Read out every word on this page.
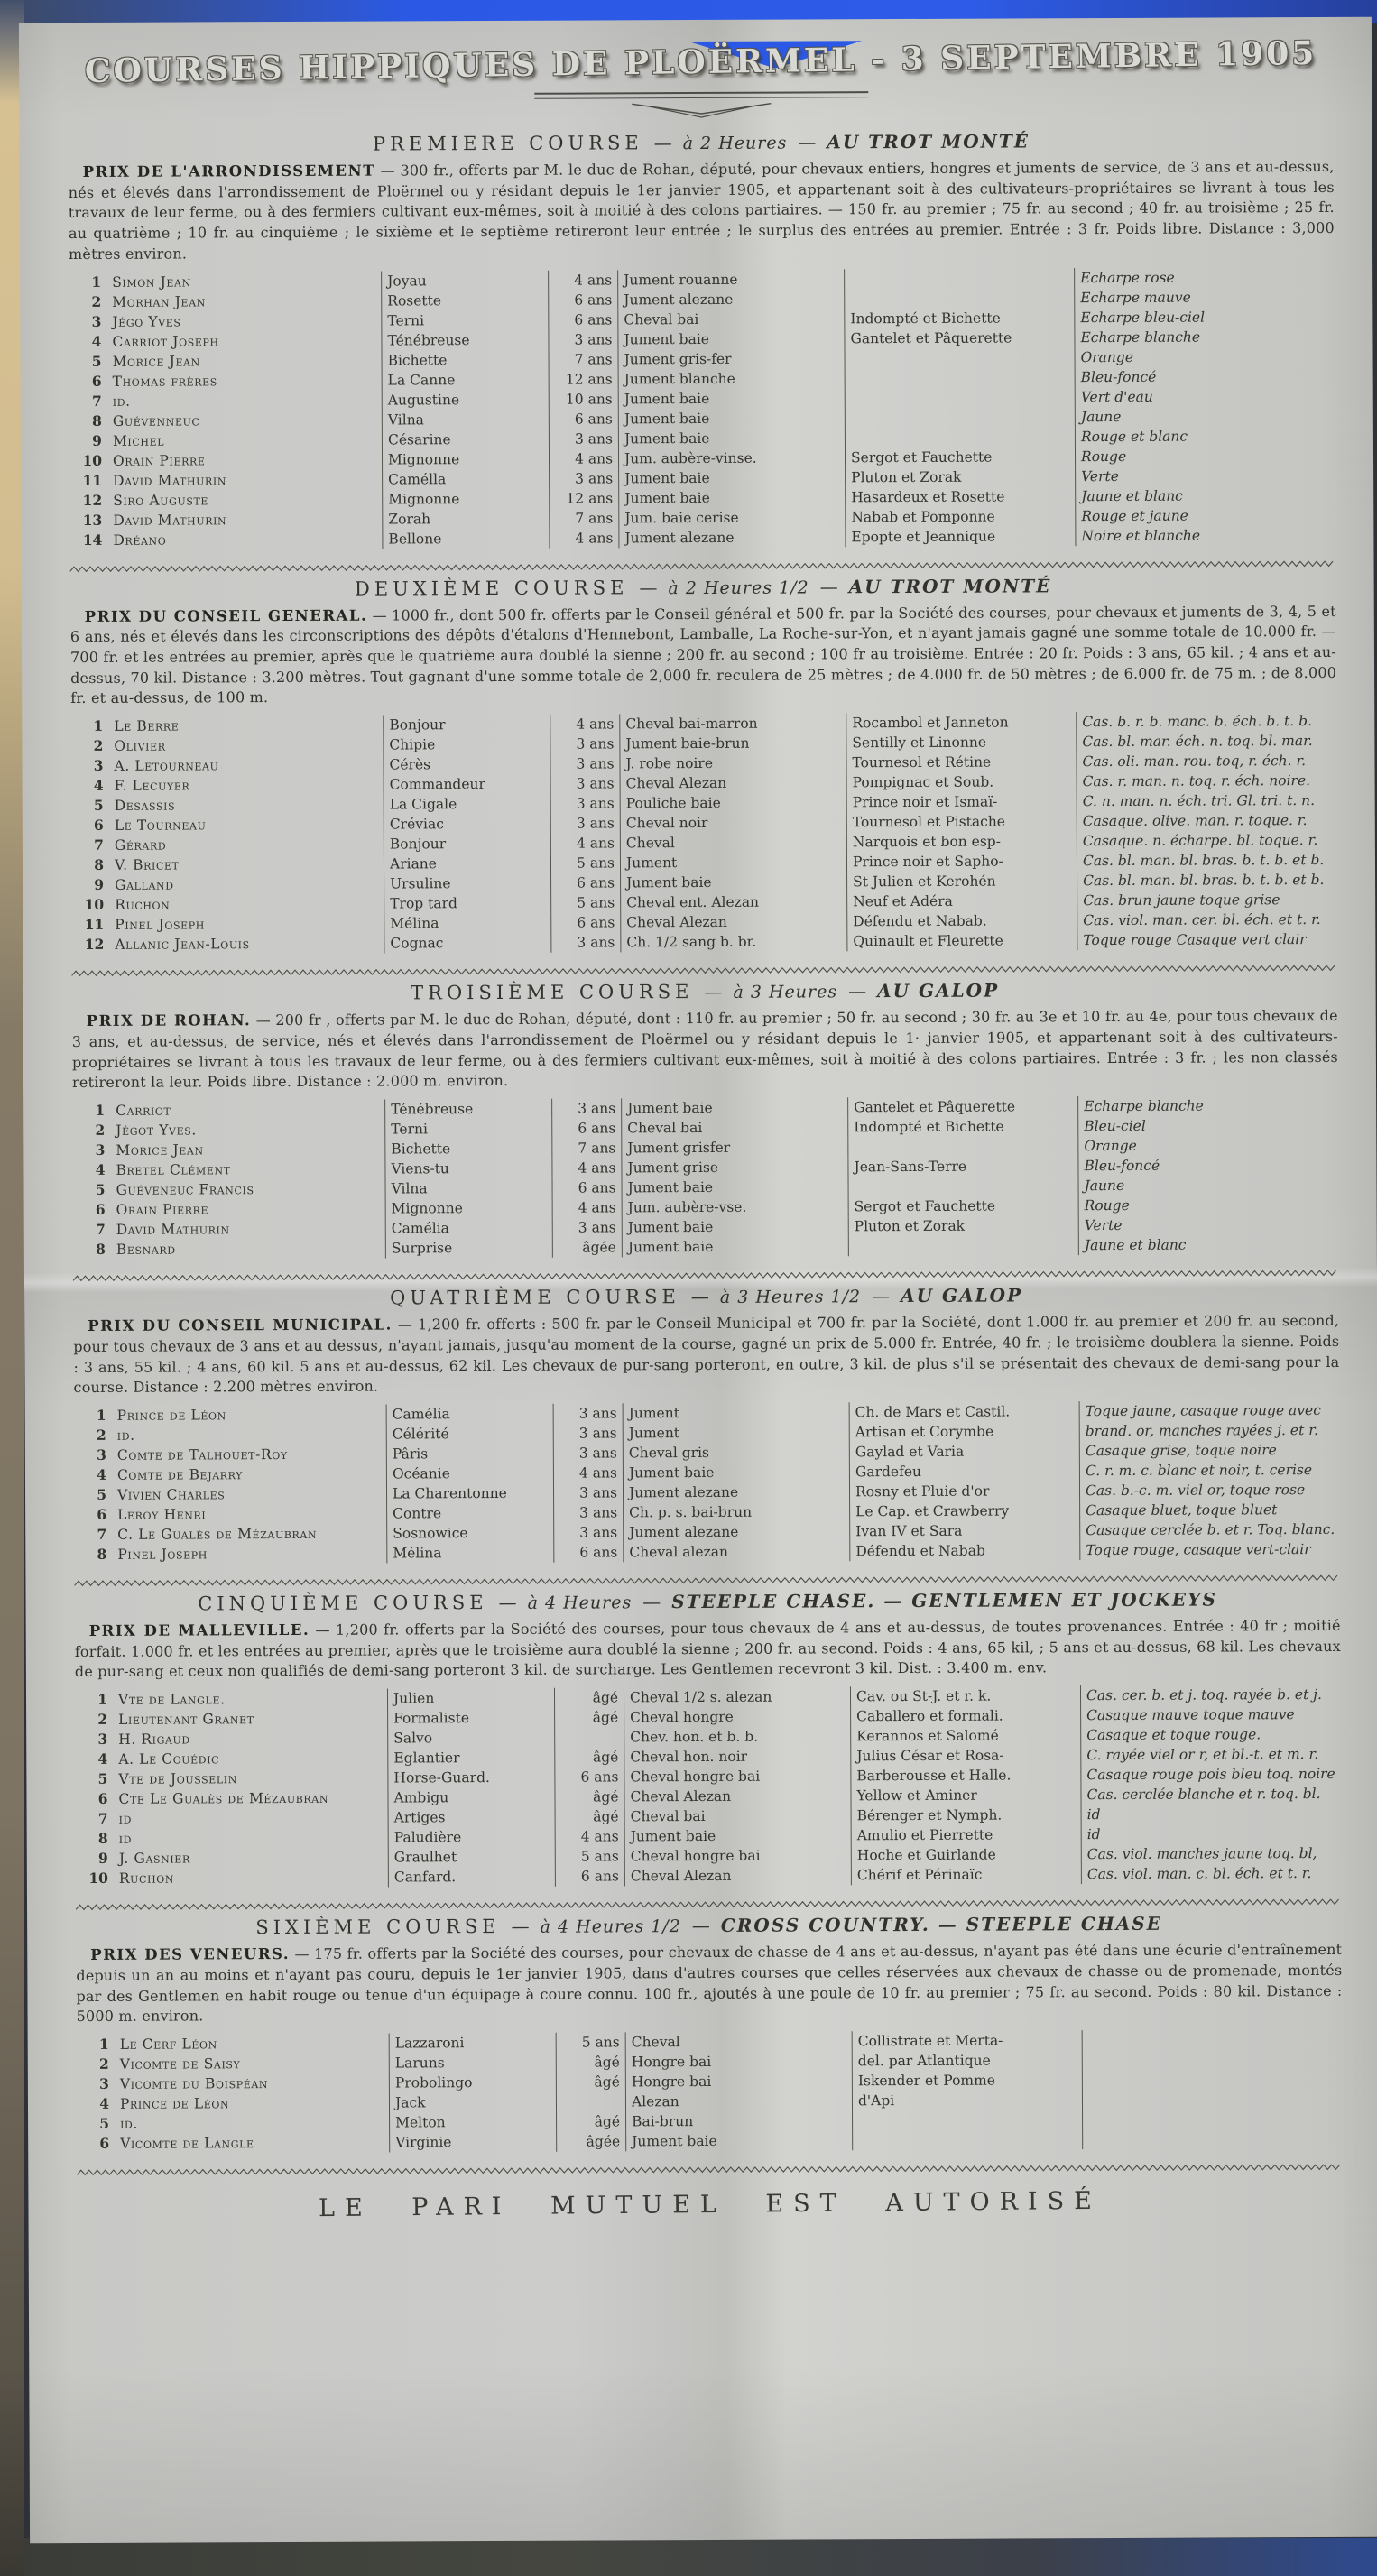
COURSES HIPPIQUES DE PLOËRMEL - 3 SEPTEMBRE 1905
PREMIERE COURSE — à 2 Heures — AU TROT MONTÉ

PRIX DE L'ARRONDISSEMENT — 300 fr., offerts par M. le duc de Rohan, député, pour chevaux entiers, hongres et juments de service, de 3 ans et au-dessus, nés et élevés dans l'arrondissement de Ploërmel ou y résidant depuis le 1er janvier 1905, et appartenant soit à des cultivateurs-propriétaires se livrant à tous les travaux de leur ferme, ou à des fermiers cultivant eux-mêmes, soit à moitié à des colons partiaires. — 150 fr. au premier ; 75 fr. au second ; 40 fr. au troisième ; 25 fr. au quatrième ; 10 fr. au cinquième ; le sixième et le septième retireront leur entrée ; le surplus des entrées au premier. Entrée : 3 fr. Poids libre. Distance : 3,000 mètres environ.

1	Simon Jean	Joyau	4 ans	Jument rouanne		Echarpe rose
2	Morhan Jean	Rosette	6 ans	Jument alezane		Echarpe mauve
3	Jégo Yves	Terni	6 ans	Cheval bai	Indompté et Bichette	Echarpe bleu-ciel
4	Carriot Joseph	Ténébreuse	3 ans	Jument baie	Gantelet et Pâquerette	Echarpe blanche
5	Morice Jean	Bichette	7 ans	Jument gris-fer		Orange
6	Thomas frères	La Canne	12 ans	Jument blanche		Bleu-foncé
7	id.	Augustine	10 ans	Jument baie		Vert d'eau
8	Guévenneuc	Vilna	6 ans	Jument baie		Jaune
9	Michel	Césarine	3 ans	Jument baie		Rouge et blanc
10	Orain Pierre	Mignonne	4 ans	Jum. aubère-vinse.	Sergot et Fauchette	Rouge
11	David Mathurin	Camélla	3 ans	Jument baie	Pluton et Zorak	Verte
12	Siro Auguste	Mignonne	12 ans	Jument baie	Hasardeux et Rosette	Jaune et blanc
13	David Mathurin	Zorah	7 ans	Jum. baie cerise	Nabab et Pomponne	Rouge et jaune
14	Dréano	Bellone	4 ans	Jument alezane	Epopte et Jeannique	Noire et blanche
DEUXIÈME COURSE — à 2 Heures 1/2 — AU TROT MONTÉ

PRIX DU CONSEIL GENERAL. — 1000 fr., dont 500 fr. offerts par le Conseil général et 500 fr. par la Société des courses, pour chevaux et juments de 3, 4, 5 et 6 ans, nés et élevés dans les circonscriptions des dépôts d'étalons d'Hennebont, Lamballe, La Roche-sur-Yon, et n'ayant jamais gagné une somme totale de 10.000 fr. — 700 fr. et les entrées au premier, après que le quatrième aura doublé la sienne ; 200 fr. au second ; 100 fr au troisième. Entrée : 20 fr. Poids : 3 ans, 65 kil. ; 4 ans et au-dessus, 70 kil. Distance : 3.200 mètres. Tout gagnant d'une somme totale de 2,000 fr. reculera de 25 mètres ; de 4.000 fr. de 50 mètres ; de 6.000 fr. de 75 m. ; de 8.000 fr. et au-dessus, de 100 m.

1	Le Berre	Bonjour	4 ans	Cheval bai-marron	Rocambol et Janneton	Cas. b. r. b. manc. b. éch. b. t. b.
2	Olivier	Chipie	3 ans	Jument baie-brun	Sentilly et Linonne	Cas. bl. mar. éch. n. toq. bl. mar.
3	A. Letourneau	Cérès	3 ans	J. robe noire	Tournesol et Rétine	Cas. oli. man. rou. toq, r. éch. r.
4	F. Lecuyer	Commandeur	3 ans	Cheval Alezan	Pompignac et Soub.	Cas. r. man. n. toq. r. éch. noire.
5	Desassis	La Cigale	3 ans	Pouliche baie	Prince noir et Ismaï-	C. n. man. n. éch. tri. Gl. tri. t. n.
6	Le Tourneau	Créviac	3 ans	Cheval noir	Tournesol et Pistache	Casaque. olive. man. r. toque. r.
7	Gérard	Bonjour	4 ans	Cheval	Narquois et bon esp-	Casaque. n. écharpe. bl. toque. r.
8	V. Bricet	Ariane	5 ans	Jument	Prince noir et Sapho-	Cas. bl. man. bl. bras. b. t. b. et b.
9	Galland	Ursuline	6 ans	Jument baie	St Julien et Kerohén	Cas. bl. man. bl. bras. b. t. b. et b.
10	Ruchon	Trop tard	5 ans	Cheval ent. Alezan	Neuf et Adéra	Cas. brun jaune toque grise
11	Pinel Joseph	Mélina	6 ans	Cheval Alezan	Défendu et Nabab.	Cas. viol. man. cer. bl. éch. et t. r.
12	Allanic Jean-Louis	Cognac	3 ans	Ch. 1/2 sang b. br.	Quinault et Fleurette	Toque rouge Casaque vert clair
TROISIÈME COURSE — à 3 Heures — AU GALOP

PRIX DE ROHAN. — 200 fr , offerts par M. le duc de Rohan, député, dont : 110 fr. au premier ; 50 fr. au second ; 30 fr. au 3e et 10 fr. au 4e, pour tous chevaux de 3 ans, et au-dessus, de service, nés et élevés dans l'arrondissement de Ploërmel ou y résidant depuis le 1· janvier 1905, et appartenant soit à des cultivateurs-propriétaires se livrant à tous les travaux de leur ferme, ou à des fermiers cultivant eux-mêmes, soit à moitié à des colons partiaires. Entrée : 3 fr. ; les non classés retireront la leur. Poids libre. Distance : 2.000 m. environ.

1	Carriot	Ténébreuse	3 ans	Jument baie	Gantelet et Pâquerette	Echarpe blanche
2	Jégot Yves.	Terni	6 ans	Cheval bai	Indompté et Bichette	Bleu-ciel
3	Morice Jean	Bichette	7 ans	Jument grisfer		Orange
4	Bretel Clément	Viens-tu	4 ans	Jument grise	Jean-Sans-Terre	Bleu-foncé
5	Guéveneuc Francis	Vilna	6 ans	Jument baie		Jaune
6	Orain Pierre	Mignonne	4 ans	Jum. aubère-vse.	Sergot et Fauchette	Rouge
7	David Mathurin	Camélia	3 ans	Jument baie	Pluton et Zorak	Verte
8	Besnard	Surprise	âgée	Jument baie		Jaune et blanc
QUATRIÈME COURSE — à 3 Heures 1/2 — AU GALOP

PRIX DU CONSEIL MUNICIPAL. — 1,200 fr. offerts : 500 fr. par le Conseil Municipal et 700 fr. par la Société, dont 1.000 fr. au premier et 200 fr. au second, pour tous chevaux de 3 ans et au dessus, n'ayant jamais, jusqu'au moment de la course, gagné un prix de 5.000 fr. Entrée, 40 fr. ; le troisième doublera la sienne. Poids : 3 ans, 55 kil. ; 4 ans, 60 kil. 5 ans et au-dessus, 62 kil. Les chevaux de pur-sang porteront, en outre, 3 kil. de plus s'il se présentait des chevaux de demi-sang pour la course. Distance : 2.200 mètres environ.

1	Prince de Léon	Camélia	3 ans	Jument	Ch. de Mars et Castil.	Toque jaune, casaque rouge avec
2	id.	Célérité	3 ans	Jument	Artisan et Corymbe	brand. or, manches rayées j. et r.
3	Comte de Talhouet-Roy	Pâris	3 ans	Cheval gris	Gaylad et Varia	Casaque grise, toque noire
4	Comte de Bejarry	Océanie	4 ans	Jument baie	Gardefeu	C. r. m. c. blanc et noir, t. cerise
5	Vivien Charles	La Charentonne	3 ans	Jument alezane	Rosny et Pluie d'or	Cas. b.-c. m. viel or, toque rose
6	Leroy Henri	Contre	3 ans	Ch. p. s. bai-brun	Le Cap. et Crawberry	Casaque bluet, toque bluet
7	C. Le Gualès de Mézaubran	Sosnowice	3 ans	Jument alezane	Ivan IV et Sara	Casaque cerclée b. et r. Toq. blanc.
8	Pinel Joseph	Mélina	6 ans	Cheval alezan	Défendu et Nabab	Toque rouge, casaque vert-clair
CINQUIÈME COURSE — à 4 Heures — STEEPLE CHASE. — GENTLEMEN ET JOCKEYS

PRIX DE MALLEVILLE. — 1,200 fr. offerts par la Société des courses, pour tous chevaux de 4 ans et au-dessus, de toutes provenances. Entrée : 40 fr ; moitié forfait. 1.000 fr. et les entrées au premier, après que le troisième aura doublé la sienne ; 200 fr. au second. Poids : 4 ans, 65 kil, ; 5 ans et au-dessus, 68 kil. Les chevaux de pur-sang et ceux non qualifiés de demi-sang porteront 3 kil. de surcharge. Les Gentlemen recevront 3 kil. Dist. : 3.400 m. env.

1	Vte de Langle.	Julien	âgé	Cheval 1/2 s. alezan	Cav. ou St-J. et r. k.	Cas. cer. b. et j. toq. rayée b. et j.
2	Lieutenant Granet	Formaliste	âgé	Cheval hongre	Caballero et formali.	Casaque mauve toque mauve
3	H. Rigaud	Salvo		Chev. hon. et b. b.	Kerannos et Salomé	Casaque et toque rouge.
4	A. Le Couédic	Eglantier	âgé	Cheval hon. noir	Julius César et Rosa-	C. rayée viel or r, et bl.-t. et m. r.
5	Vte de Jousselin	Horse-Guard.	6 ans	Cheval hongre bai	Barberousse et Halle.	Casaque rouge pois bleu toq. noire
6	Cte Le Gualès de Mézaubran	Ambigu	âgé	Cheval Alezan	Yellow et Aminer	Cas. cerclée blanche et r. toq. bl.
7	id	Artiges	âgé	Cheval bai	Bérenger et Nymph.	id
8	id	Paludière	4 ans	Jument baie	Amulio et Pierrette	id
9	J. Gasnier	Graulhet	5 ans	Cheval hongre bai	Hoche et Guirlande	Cas. viol. manches jaune toq. bl,
10	Ruchon	Canfard.	6 ans	Cheval Alezan	Chérif et Périnaïc	Cas. viol. man. c. bl. éch. et t. r.
SIXIÈME COURSE — à 4 Heures 1/2 — CROSS COUNTRY. — STEEPLE CHASE

PRIX DES VENEURS. — 175 fr. offerts par la Société des courses, pour chevaux de chasse de 4 ans et au-dessus, n'ayant pas été dans une écurie d'entraînement depuis un an au moins et n'ayant pas couru, depuis le 1er janvier 1905, dans d'autres courses que celles réservées aux chevaux de chasse ou de promenade, montés par des Gentlemen en habit rouge ou tenue d'un équipage à coure connu. 100 fr., ajoutés à une poule de 10 fr. au premier ; 75 fr. au second. Poids : 80 kil. Distance : 5000 m. environ.

1	Le Cerf Léon	Lazzaroni	5 ans	Cheval	Collistrate et Merta-	
2	Vicomte de Saisy	Laruns	âgé	Hongre bai	del. par Atlantique	
3	Vicomte du Boispéan	Probolingo	âgé	Hongre bai	Iskender et Pomme	
4	Prince de Léon	Jack		Alezan	d'Api	
5	id.	Melton	âgé	Bai-brun		
6	Vicomte de Langle	Virginie	âgée	Jument baie		
LE PARI MUTUEL EST AUTORISÉ
